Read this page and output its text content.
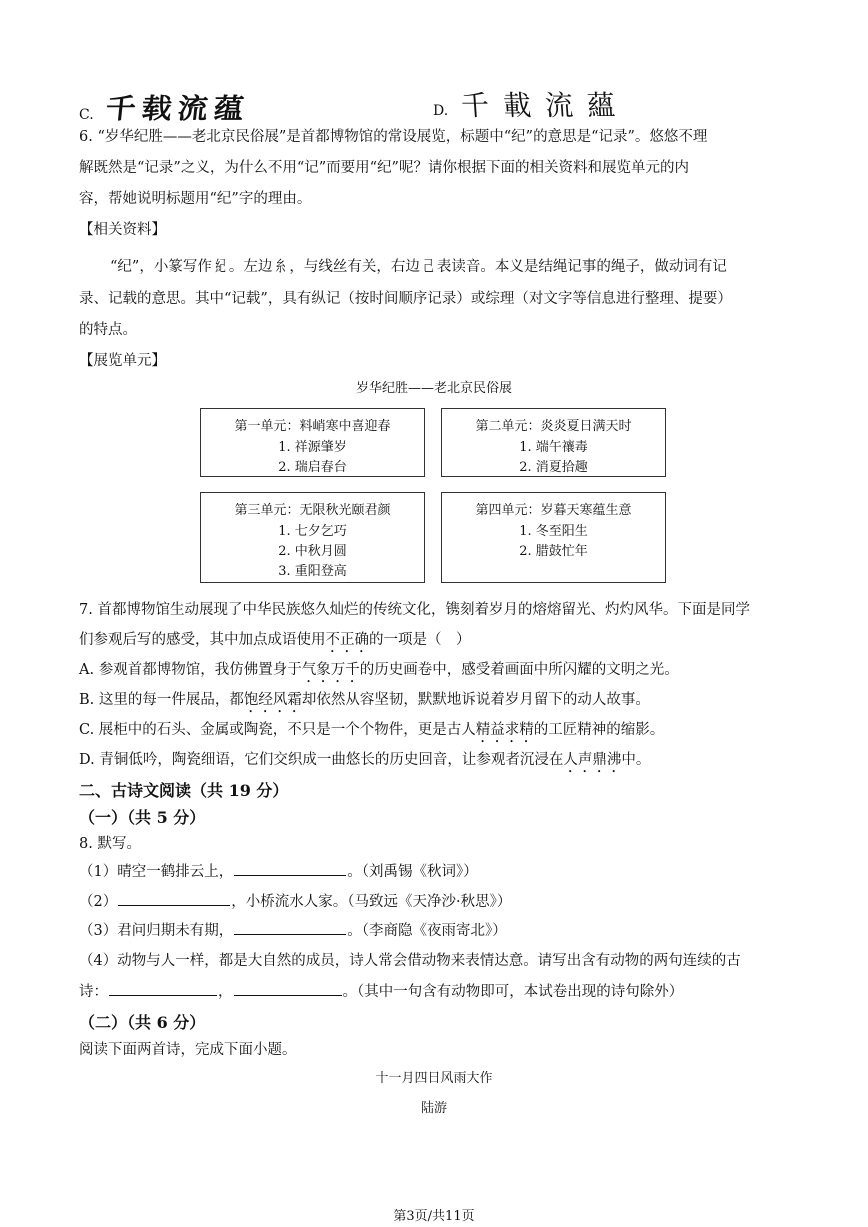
C. 千载流蕴	D. 千載流蘊
6. “岁华纪胜——老北京民俗展”是首都博物馆的常设展览，标题中“纪”的意思是“记录”。悠悠不理
解既然是“记录”之义，为什么不用“记”而要用“纪”呢？请你根据下面的相关资料和展览单元的内
容，帮她说明标题用“纪”字的理由。
【相关资料】
“纪”，小篆写作 紀 。左边 糸 ，与线丝有关，右边 己 表读音。本义是结绳记事的绳子，做动词有记
录、记载的意思。其中“记载”，具有纵记（按时间顺序记录）或综理（对文字等信息进行整理、提要）
的特点。
【展览单元】
岁华纪胜——老北京民俗展
第一单元：料峭寒中喜迎春
1. 祥源肇岁
2. 瑞启春台
第二单元：炎炎夏日满天时
1. 端午禳毒
2. 消夏拾趣
第三单元：无限秋光颐君颜
1. 七夕乞巧
2. 中秋月圆
3. 重阳登高
第四单元：岁暮天寒蕴生意
1. 冬至阳生
2. 腊鼓忙年
7. 首都博物馆生动展现了中华民族悠久灿烂的传统文化，镌刻着岁月的熔熔留光、灼灼风华。下面是同学
们参观后写的感受，其中加点成语使用不正确的一项是（　）
A. 参观首都博物馆，我仿佛置身于气象万千的历史画卷中，感受着画面中所闪耀的文明之光。
B. 这里的每一件展品，都饱经风霜却依然从容坚韧，默默地诉说着岁月留下的动人故事。
C. 展柜中的石头、金属或陶瓷，不只是一个个物件，更是古人精益求精的工匠精神的缩影。
D. 青铜低吟，陶瓷细语，它们交织成一曲悠长的历史回音，让参观者沉浸在人声鼎沸中。
二、古诗文阅读（共 19 分）
（一）（共 5 分）
8. 默写。
（1）晴空一鹤排云上，	。（刘禹锡《秋词》）
（2）	，小桥流水人家。（马致远《天净沙·秋思》）
（3）君问归期未有期，	。（李商隐《夜雨寄北》）
（4）动物与人一样，都是大自然的成员，诗人常会借动物来表情达意。请写出含有动物的两句连续的古
诗：	，	。（其中一句含有动物即可，本试卷出现的诗句除外）
（二）（共 6 分）
阅读下面两首诗，完成下面小题。
十一月四日风雨大作
陆游
第3页/共11页
